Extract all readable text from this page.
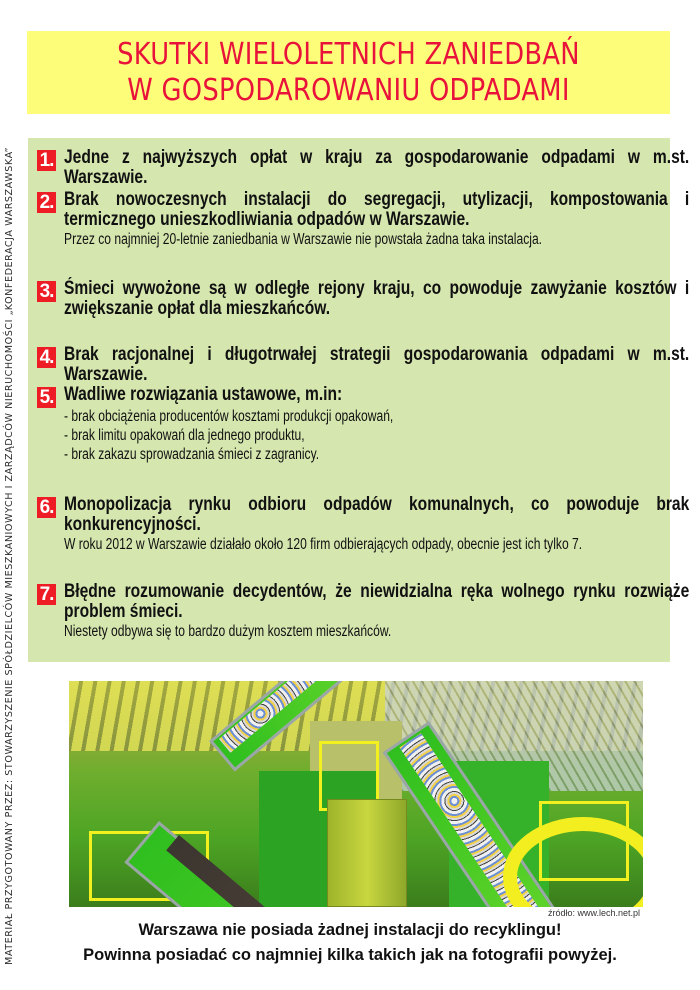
MATERIAŁ PRZYGOTOWANY PRZEZ: STOWARZYSZENIE SPÓŁDZIELCÓW MIESZKANIOWYCH I ZARZĄDCÓW NIERUCHOMOŚCI „KONFEDERACJA WARSZAWSKA”
SKUTKI WIELOLETNICH ZANIEDBAŃ
W GOSPODAROWANIU ODPADAMI
1. Jedne z najwyższych opłat w kraju za gospodarowanie odpadami w m.st. Warszawie.
2. Brak nowoczesnych instalacji do segregacji, utylizacji, kompostowania i termicznego unieszkodliwiania odpadów w Warszawie.
Przez co najmniej 20-letnie zaniedbania w Warszawie nie powstała żadna taka instalacja.
3. Śmieci wywożone są w odległe rejony kraju, co powoduje zawyżanie kosztów i zwiększanie opłat dla mieszkańców.
4. Brak racjonalnej i długotrwałej strategii gospodarowania odpadami w m.st. Warszawie.
5. Wadliwe rozwiązania ustawowe, m.in:
- brak obciążenia producentów kosztami produkcji opakowań,
- brak limitu opakowań dla jednego produktu,
- brak zakazu sprowadzania śmieci z zagranicy.
6. Monopolizacja rynku odbioru odpadów komunalnych, co powoduje brak konkurencyjności.
W roku 2012 w Warszawie działało około 120 firm odbierających odpady, obecnie jest ich tylko 7.
7. Błędne rozumowanie decydentów, że niewidzialna ręka wolnego rynku rozwiąże problem śmieci.
Niestety odbywa się to bardzo dużym kosztem mieszkańców.
źródło: www.lech.net.pl
Warszawa nie posiada żadnej instalacji do recyklingu!
Powinna posiadać co najmniej kilka takich jak na fotografii powyżej.
